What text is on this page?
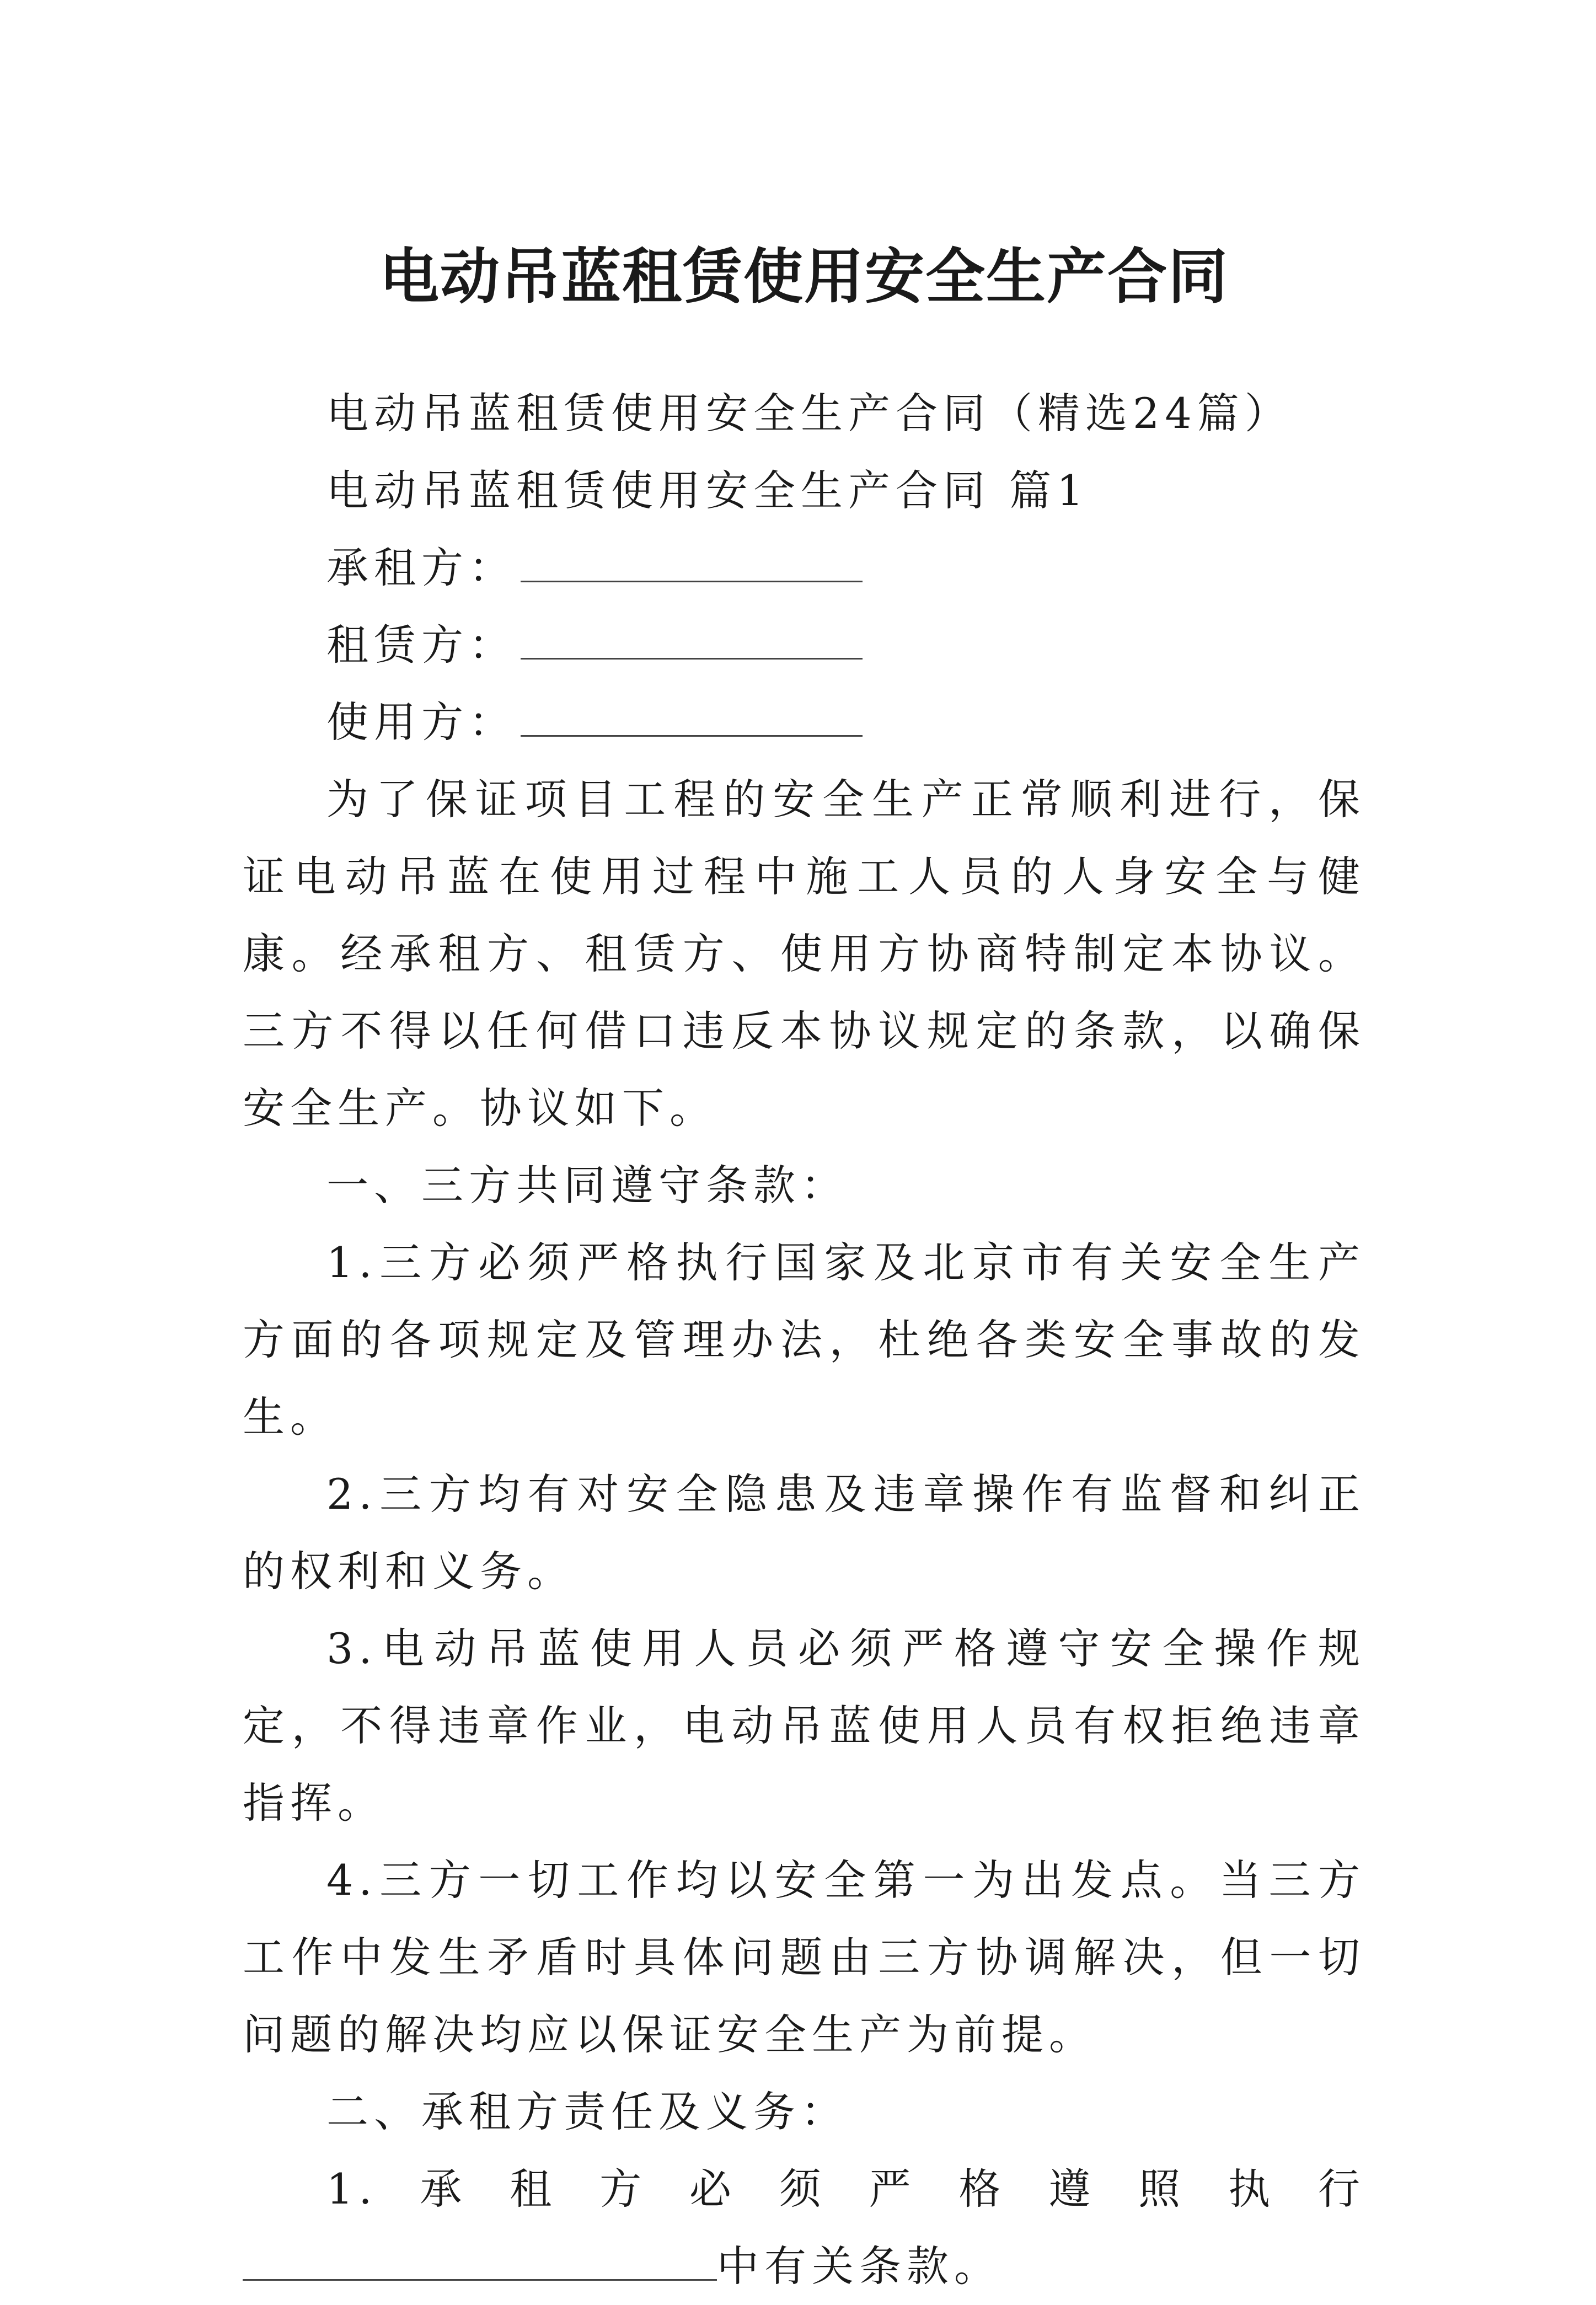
电动吊蓝租赁使用安全生产合同

电动吊蓝租赁使用安全生产合同（精选24篇）

电动吊蓝租赁使用安全生产合同 篇1

承租方：

租赁方：

使用方：

为了保证项目工程的安全生产正常顺利进行，保证电动吊蓝在使用过程中施工人员的人身安全与健康。经承租方、租赁方、使用方协商特制定本协议。三方不得以任何借口违反本协议规定的条款，以确保安全生产。协议如下。

一、三方共同遵守条款：

1.三方必须严格执行国家及北京市有关安全生产方面的各项规定及管理办法，杜绝各类安全事故的发生。

2.三方均有对安全隐患及违章操作有监督和纠正的权利和义务。

3.电动吊蓝使用人员必须严格遵守安全操作规定，不得违章作业，电动吊蓝使用人员有权拒绝违章指挥。

4.三方一切工作均以安全第一为出发点。当三方工作中发生矛盾时具体问题由三方协调解决，但一切问题的解决均应以保证安全生产为前提。

二、承租方责任及义务：

1.承租方必须严格遵照执行中有关条款。
